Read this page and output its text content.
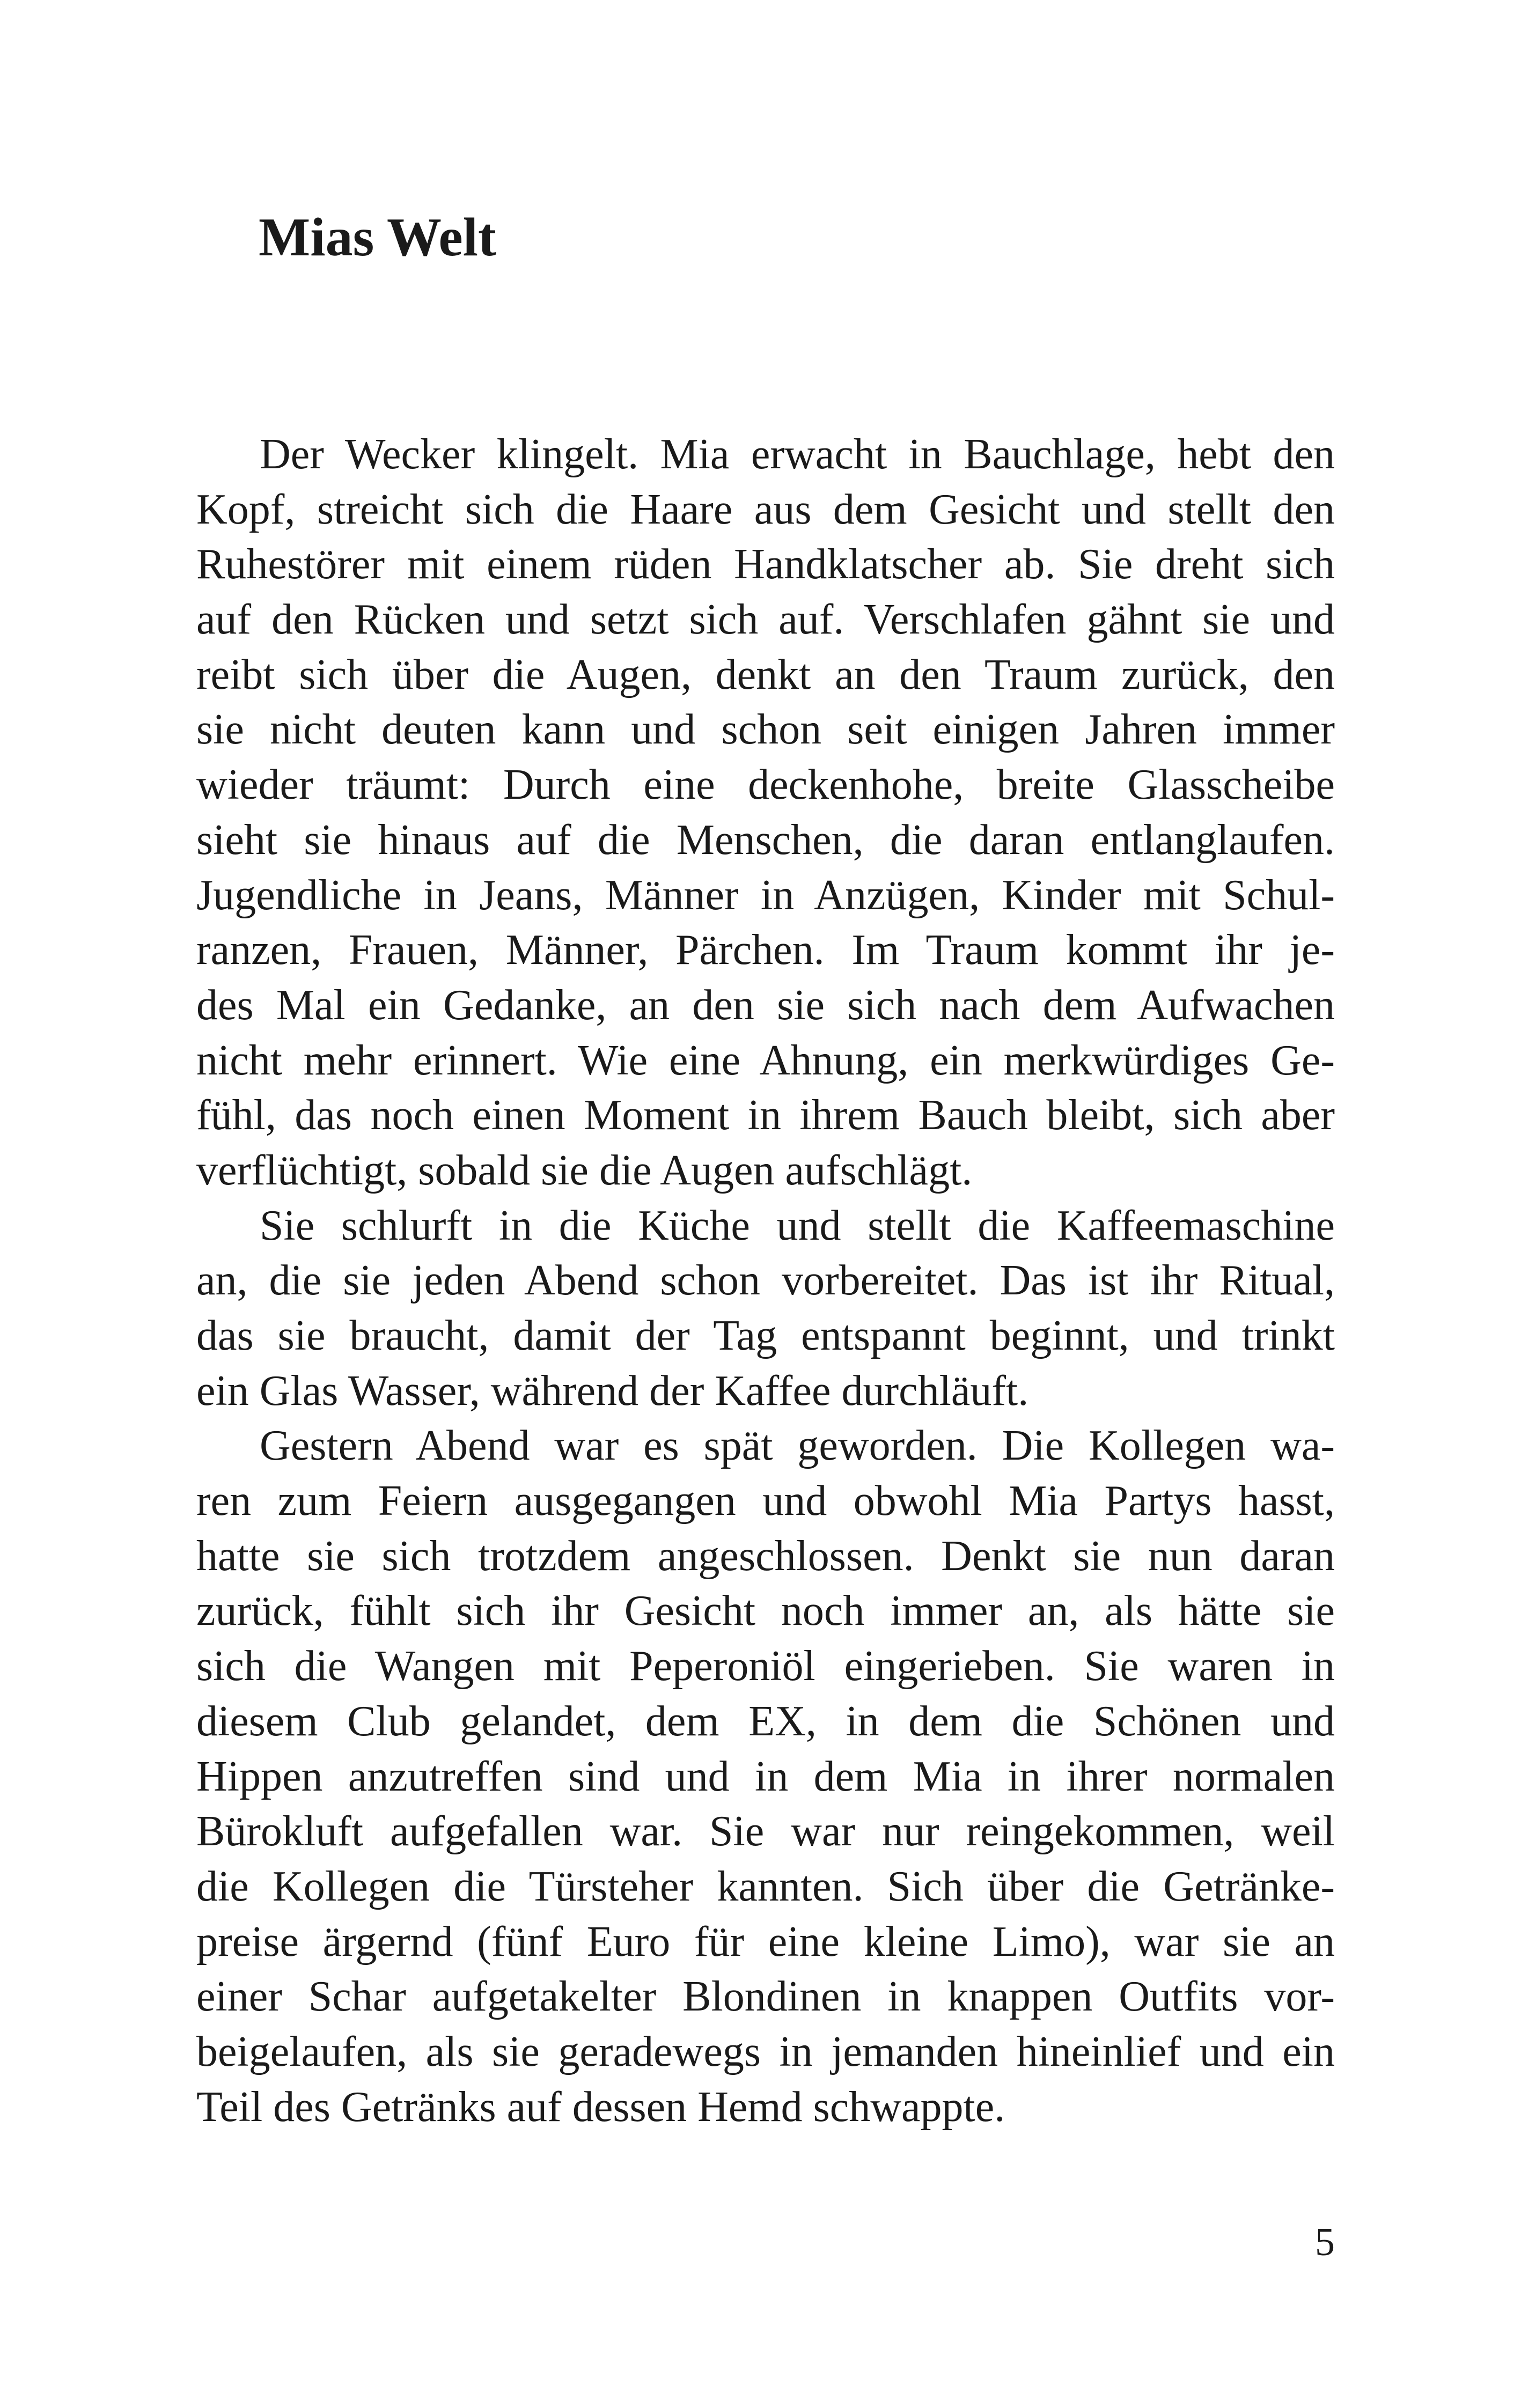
Mias Welt
Der Wecker klingelt. Mia erwacht in Bauchlage, hebt den
Kopf, streicht sich die Haare aus dem Gesicht und stellt den
Ruhestörer mit einem rüden Handklatscher ab. Sie dreht sich
auf den Rücken und setzt sich auf. Verschlafen gähnt sie und
reibt sich über die Augen, denkt an den Traum zurück, den
sie nicht deuten kann und schon seit einigen Jahren immer
wieder träumt: Durch eine deckenhohe, breite Glasscheibe
sieht sie hinaus auf die Menschen, die daran entlanglaufen.
Jugendliche in Jeans, Männer in Anzügen, Kinder mit Schul-
ranzen, Frauen, Männer, Pärchen. Im Traum kommt ihr je-
des Mal ein Gedanke, an den sie sich nach dem Aufwachen
nicht mehr erinnert. Wie eine Ahnung, ein merkwürdiges Ge-
fühl, das noch einen Moment in ihrem Bauch bleibt, sich aber
verflüchtigt, sobald sie die Augen aufschlägt.
Sie schlurft in die Küche und stellt die Kaffeemaschine
an, die sie jeden Abend schon vorbereitet. Das ist ihr Ritual,
das sie braucht, damit der Tag entspannt beginnt, und trinkt
ein Glas Wasser, während der Kaffee durchläuft.
Gestern Abend war es spät geworden. Die Kollegen wa-
ren zum Feiern ausgegangen und obwohl Mia Partys hasst,
hatte sie sich trotzdem angeschlossen. Denkt sie nun daran
zurück, fühlt sich ihr Gesicht noch immer an, als hätte sie
sich die Wangen mit Peperoniöl eingerieben. Sie waren in
diesem Club gelandet, dem EX, in dem die Schönen und
Hippen anzutreffen sind und in dem Mia in ihrer normalen
Bürokluft aufgefallen war. Sie war nur reingekommen, weil
die Kollegen die Türsteher kannten. Sich über die Getränke-
preise ärgernd (fünf Euro für eine kleine Limo), war sie an
einer Schar aufgetakelter Blondinen in knappen Outfits vor-
beigelaufen, als sie geradewegs in jemanden hineinlief und ein
Teil des Getränks auf dessen Hemd schwappte.
5
